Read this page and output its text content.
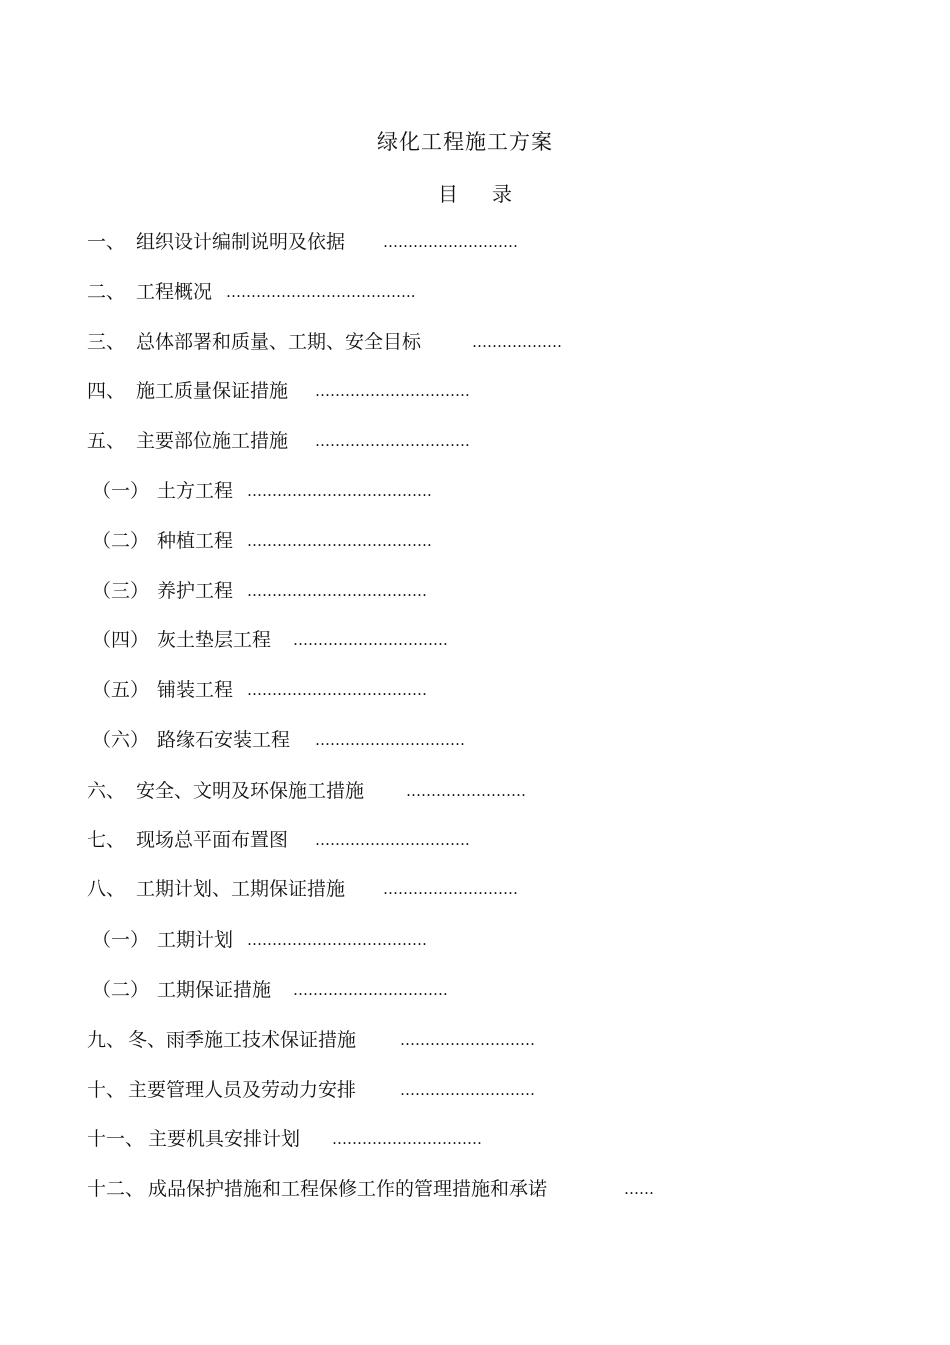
绿化工程施工方案
目 录
一、 组织设计编制说明及依据	………………………
二、 工程概况 ………………………………..
三、 总体部署和质量、工期、安全目标	………………
四、 施工质量保证措施 ………………………….
五、 主要部位施工措施 ………………………….
（一） 土方工程 ……………………………….
（二） 种植工程 ……………………………….
（三） 养护工程 ………………………………
（四） 灰土垫层工程 ………………………….
（五） 铺装工程 ………………………………
（六） 路缘石安装工程 …………………………
六、 安全、文明及环保施工措施	……………………
七、 现场总平面布置图 ………………………….
八、 工期计划、工期保证措施	………………………
（一） 工期计划 ………………………………
（二） 工期保证措施 ………………………….
九、 冬、雨季施工技术保证措施	………………………
十、 主要管理人员及劳动力安排	………………………
十一、 主要机具安排计划 …………………………
十二、 成品保护措施和工程保修工作的管理措施和承诺	……
